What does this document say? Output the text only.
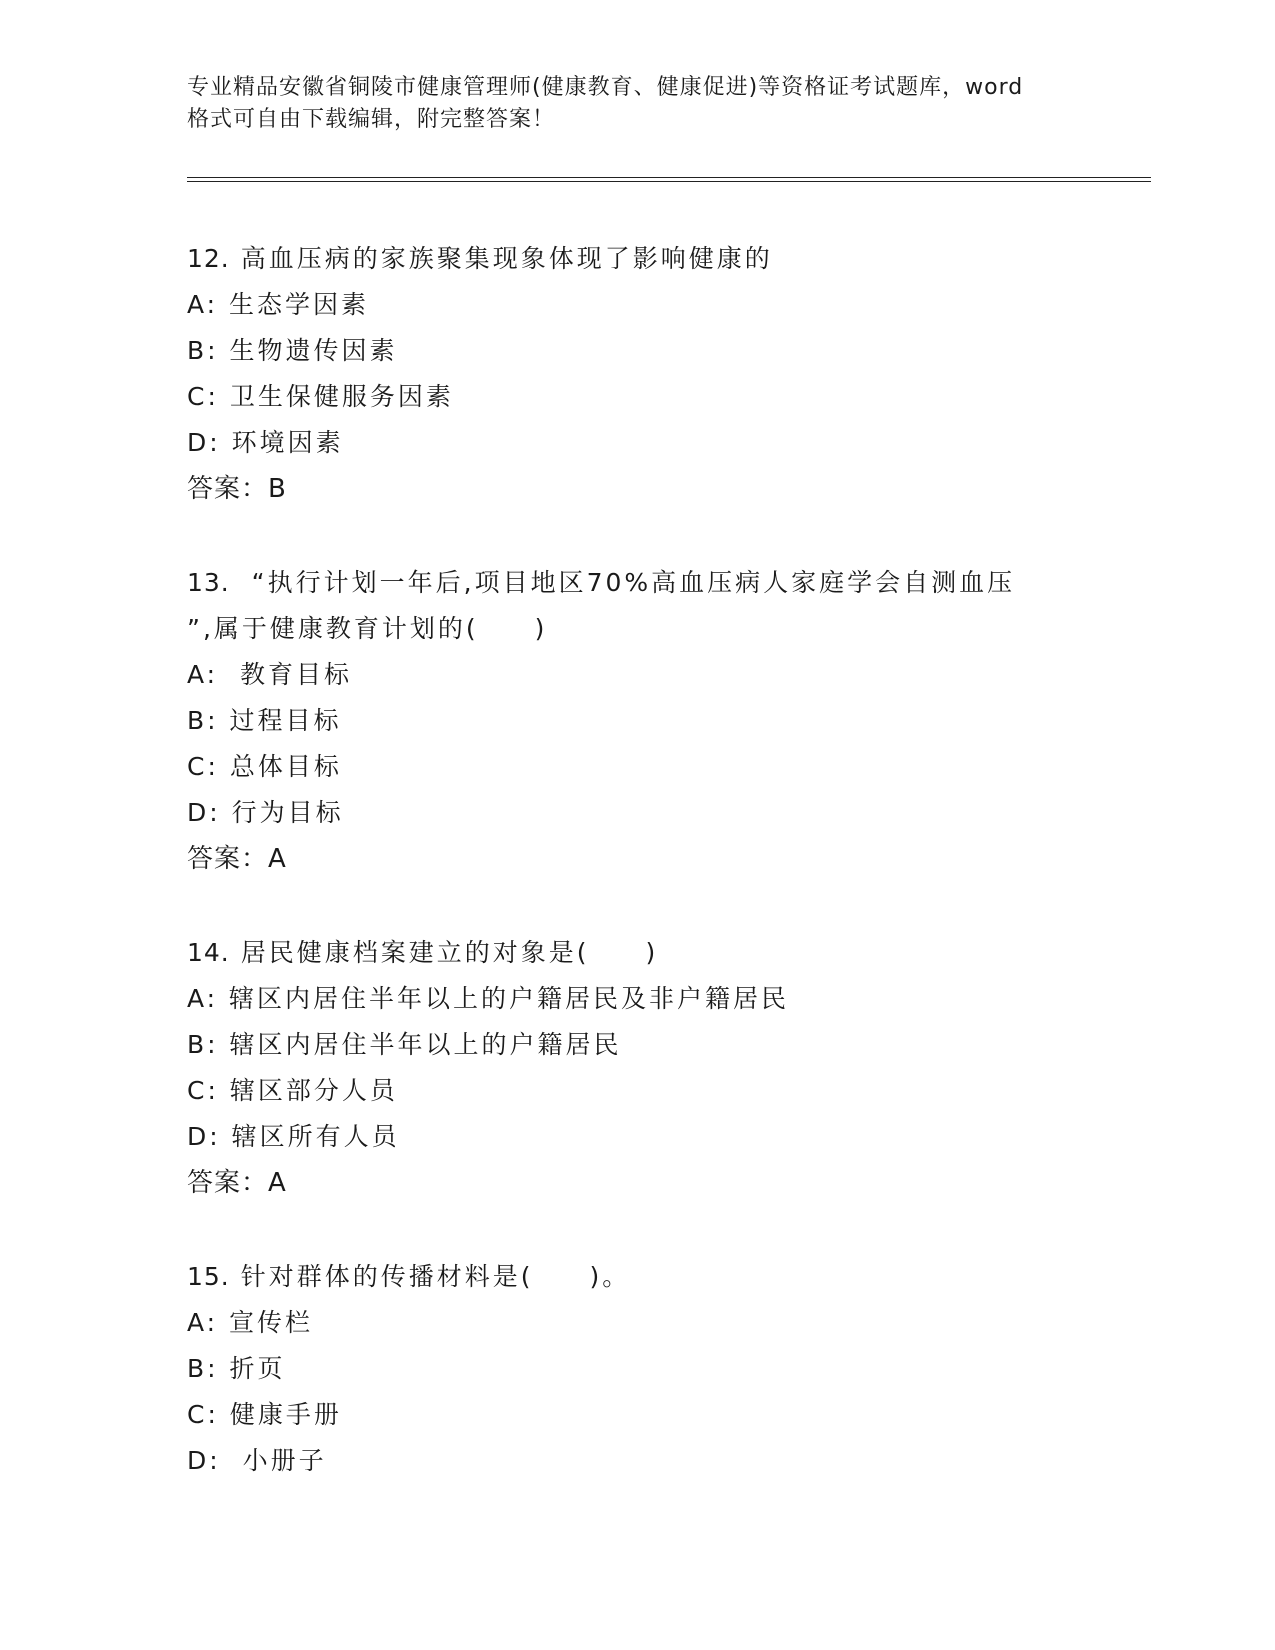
专业精品安徽省铜陵市健康管理师(健康教育、健康促进)等资格证考试题库，word
格式可自由下载编辑，附完整答案！
12. 高血压病的家族聚集现象体现了影响健康的
A: 生态学因素
B: 生物遗传因素
C: 卫生保健服务因素
D: 环境因素
答案：B
13.  “执行计划一年后,项目地区70%高血压病人家庭学会自测血压
”,属于健康教育计划的(　　)
A:  教育目标
B: 过程目标
C: 总体目标
D: 行为目标
答案：A
14. 居民健康档案建立的对象是(　　)
A: 辖区内居住半年以上的户籍居民及非户籍居民
B: 辖区内居住半年以上的户籍居民
C: 辖区部分人员
D: 辖区所有人员
答案：A
15. 针对群体的传播材料是(　　)。
A: 宣传栏
B: 折页
C: 健康手册
D:  小册子
